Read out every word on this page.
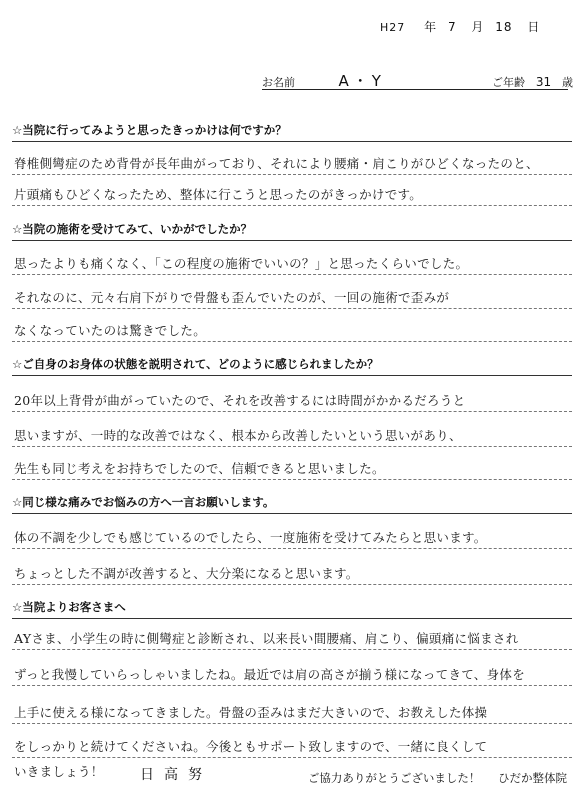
H27 年 7 月 18 日
お名前	A・Y	ご年齢 31 歳
☆当院に行ってみようと思ったきっかけは何ですか？
脊椎側彎症のため背骨が長年曲がっており、それにより腰痛・肩こりがひどくなったのと、
片頭痛もひどくなったため、整体に行こうと思ったのがきっかけです。
☆当院の施術を受けてみて、いかがでしたか？
思ったよりも痛くなく、「この程度の施術でいいの？」と思ったくらいでした。
それなのに、元々右肩下がりで骨盤も歪んでいたのが、一回の施術で歪みが
なくなっていたのは驚きでした。
☆ご自身のお身体の状態を説明されて、どのように感じられましたか？
20年以上背骨が曲がっていたので、それを改善するには時間がかかるだろうと
思いますが、一時的な改善ではなく、根本から改善したいという思いがあり、
先生も同じ考えをお持ちでしたので、信頼できると思いました。
☆同じ様な痛みでお悩みの方へ一言お願いします。
体の不調を少しでも感じているのでしたら、一度施術を受けてみたらと思います。
ちょっとした不調が改善すると、大分楽になると思います。
☆当院よりお客さまへ
AYさま、小学生の時に側彎症と診断され、以来長い間腰痛、肩こり、偏頭痛に悩まされ
ずっと我慢していらっしゃいましたね。最近では肩の高さが揃う様になってきて、身体を
上手に使える様になってきました。骨盤の歪みはまだ大きいので、お教えした体操
をしっかりと続けてくださいね。今後ともサポート致しますので、一緒に良くして
いきましょう！	日高努	ご協力ありがとうございました！ ひだか整体院
